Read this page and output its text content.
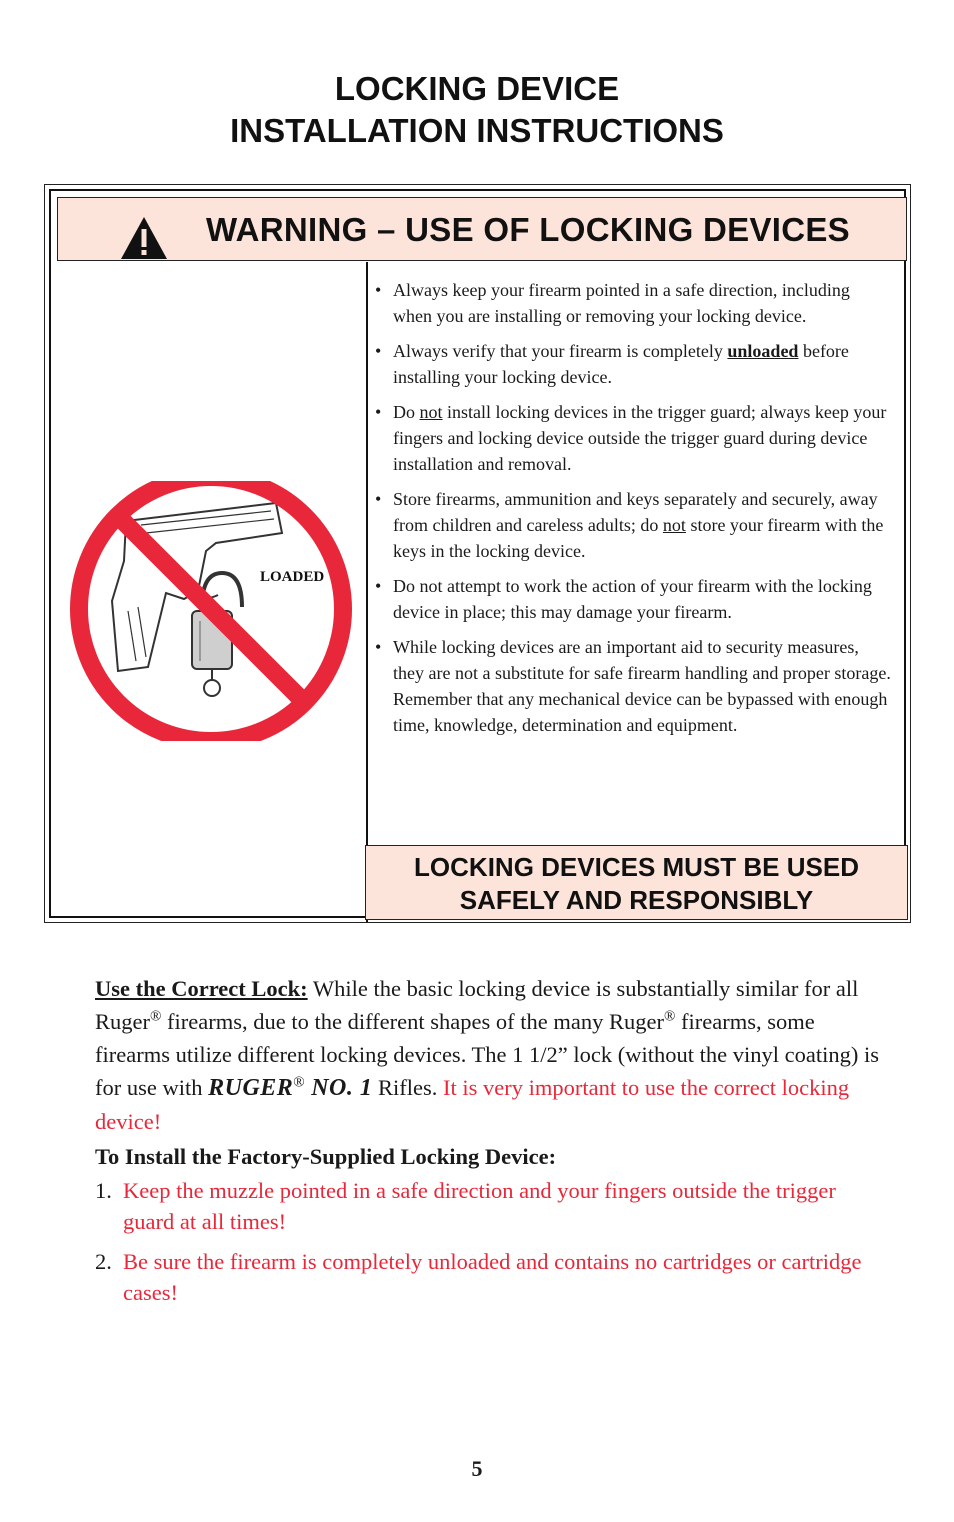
LOCKING DEVICE
INSTALLATION INSTRUCTIONS
WARNING – USE OF LOCKING DEVICES
LOADED
• Always keep your firearm pointed in a safe direction, including when you are installing or removing your locking device.
• Always verify that your firearm is completely unloaded before installing your locking device.
• Do not install locking devices in the trigger guard; always keep your fingers and locking device outside the trigger guard during device installation and removal.
• Store firearms, ammunition and keys separately and securely, away from children and careless adults; do not store your firearm with the keys in the locking device.
• Do not attempt to work the action of your firearm with the locking device in place; this may damage your firearm.
• While locking devices are an important aid to security measures, they are not a substitute for safe firearm handling and proper storage. Remember that any mechanical device can be bypassed with enough time, knowledge, determination and equipment.
LOCKING DEVICES MUST BE USED
SAFELY AND RESPONSIBLY

Use the Correct Lock: While the basic locking device is substantially similar for all Ruger® firearms, due to the different shapes of the many Ruger® firearms, some firearms utilize different locking devices. The 1 1/2” lock (without the vinyl coating) is for use with RUGER® NO. 1 Rifles. It is very important to use the correct locking device!

To Install the Factory-Supplied Locking Device:

1. Keep the muzzle pointed in a safe direction and your fingers outside the trigger guard at all times!
2. Be sure the firearm is completely unloaded and contains no cartridges or cartridge cases!
5
